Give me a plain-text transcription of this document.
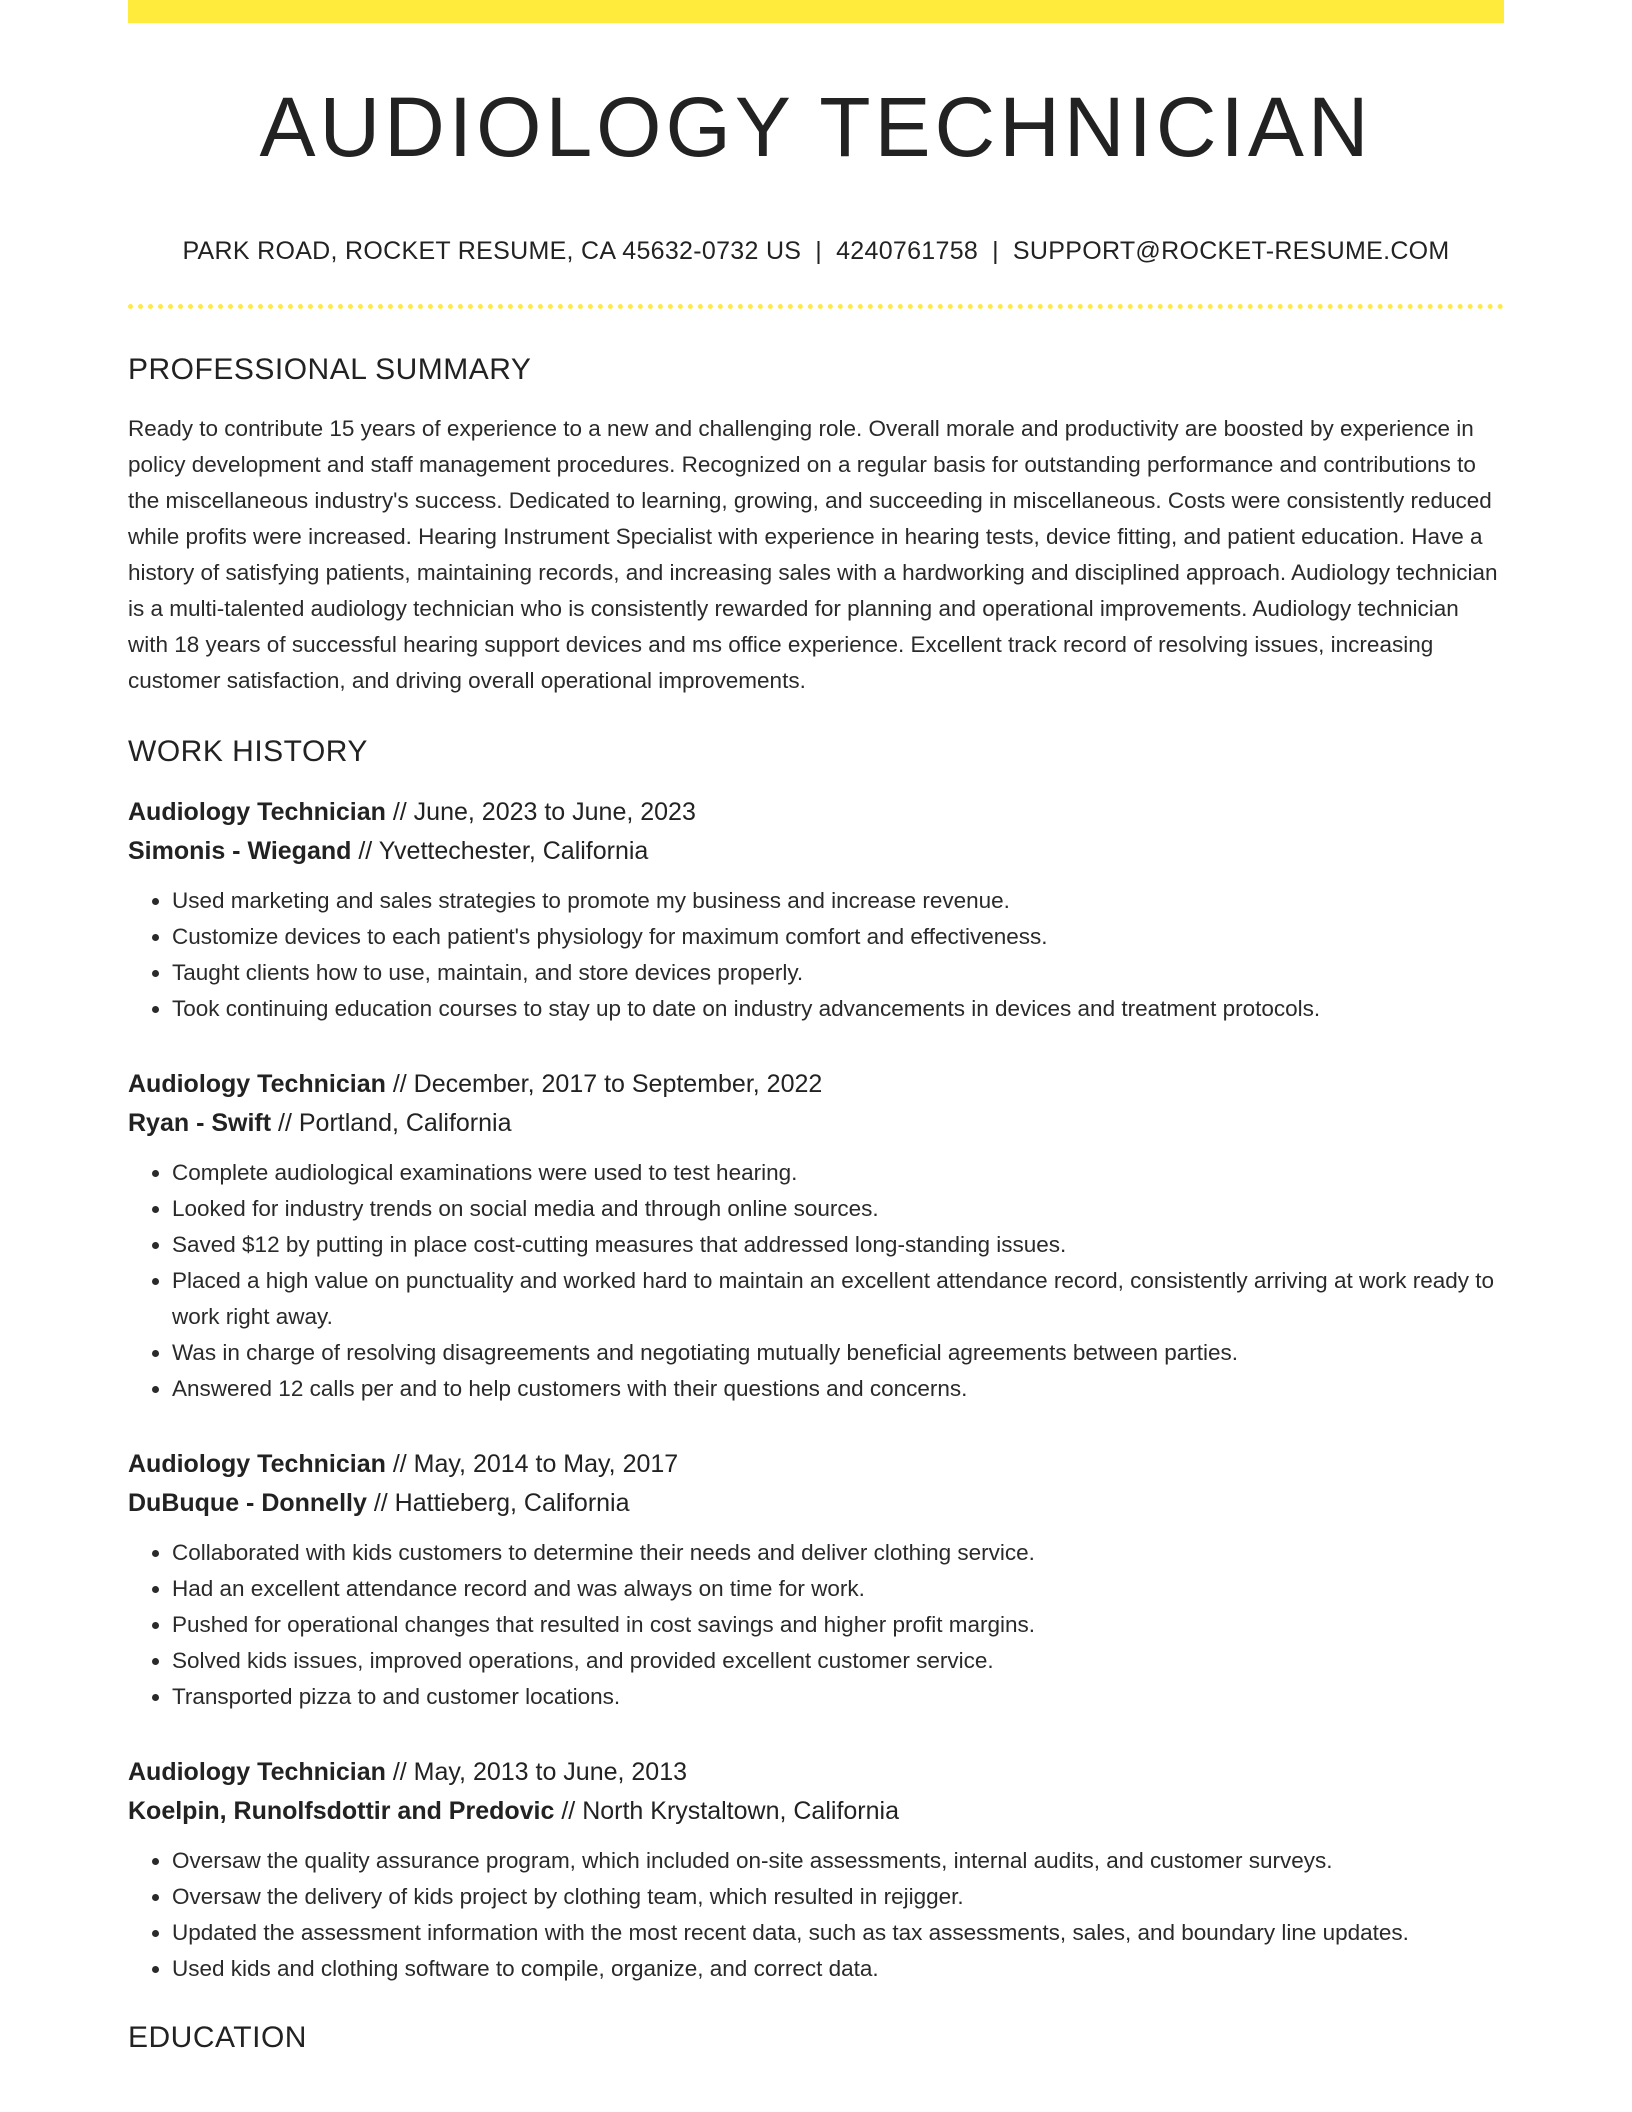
AUDIOLOGY TECHNICIAN
PARK ROAD, ROCKET RESUME, CA 45632-0732 US | 4240761758 | SUPPORT@ROCKET-RESUME.COM
PROFESSIONAL SUMMARY

Ready to contribute 15 years of experience to a new and challenging role. Overall morale and productivity are boosted by experience in policy development and staff management procedures. Recognized on a regular basis for outstanding performance and contributions to the miscellaneous industry's success. Dedicated to learning, growing, and succeeding in miscellaneous. Costs were consistently reduced while profits were increased. Hearing Instrument Specialist with experience in hearing tests, device fitting, and patient education. Have a history of satisfying patients, maintaining records, and increasing sales with a hardworking and disciplined approach. Audiology technician is a multi-talented audiology technician who is consistently rewarded for planning and operational improvements. Audiology technician with 18 years of successful hearing support devices and ms office experience. Excellent track record of resolving issues, increasing customer satisfaction, and driving overall operational improvements.

WORK HISTORY
Audiology Technician // June, 2023 to June, 2023
Simonis - Wiegand // Yvettechester, California
• Used marketing and sales strategies to promote my business and increase revenue.
• Customize devices to each patient's physiology for maximum comfort and effectiveness.
• Taught clients how to use, maintain, and store devices properly.
• Took continuing education courses to stay up to date on industry advancements in devices and treatment protocols.
Audiology Technician // December, 2017 to September, 2022
Ryan - Swift // Portland, California
• Complete audiological examinations were used to test hearing.
• Looked for industry trends on social media and through online sources.
• Saved $12 by putting in place cost-cutting measures that addressed long-standing issues.
• Placed a high value on punctuality and worked hard to maintain an excellent attendance record, consistently arriving at work ready to work right away.
• Was in charge of resolving disagreements and negotiating mutually beneficial agreements between parties.
• Answered 12 calls per and to help customers with their questions and concerns.
Audiology Technician // May, 2014 to May, 2017
DuBuque - Donnelly // Hattieberg, California
• Collaborated with kids customers to determine their needs and deliver clothing service.
• Had an excellent attendance record and was always on time for work.
• Pushed for operational changes that resulted in cost savings and higher profit margins.
• Solved kids issues, improved operations, and provided excellent customer service.
• Transported pizza to and customer locations.
Audiology Technician // May, 2013 to June, 2013
Koelpin, Runolfsdottir and Predovic // North Krystaltown, California
• Oversaw the quality assurance program, which included on-site assessments, internal audits, and customer surveys.
• Oversaw the delivery of kids project by clothing team, which resulted in rejigger.
• Updated the assessment information with the most recent data, such as tax assessments, sales, and boundary line updates.
• Used kids and clothing software to compile, organize, and correct data.
EDUCATION
